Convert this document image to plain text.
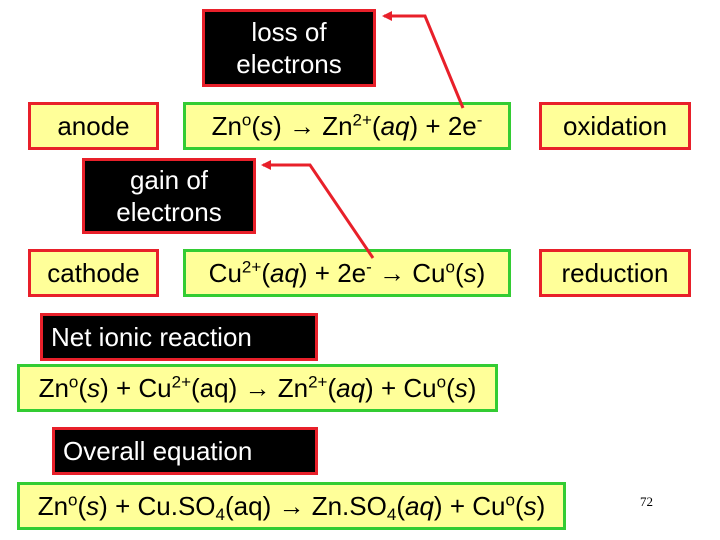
loss of
electrons
anode	$Zn^o(s) \to Zn^{2+}(aq) + 2e^-$	oxidation
gain of
electrons
cathode	$Cu^{2+}(aq) + 2e^- \to Cu^o(s)$	reduction
Net ionic reaction
$Zn^o(s) + Cu^{2+}(aq) \to Zn^{2+}(aq) + Cu^o(s)$
Overall equation
$Zn^o(s) + Cu.SO_4(aq) \to Zn.SO_4(aq) + Cu^o(s)$	72
